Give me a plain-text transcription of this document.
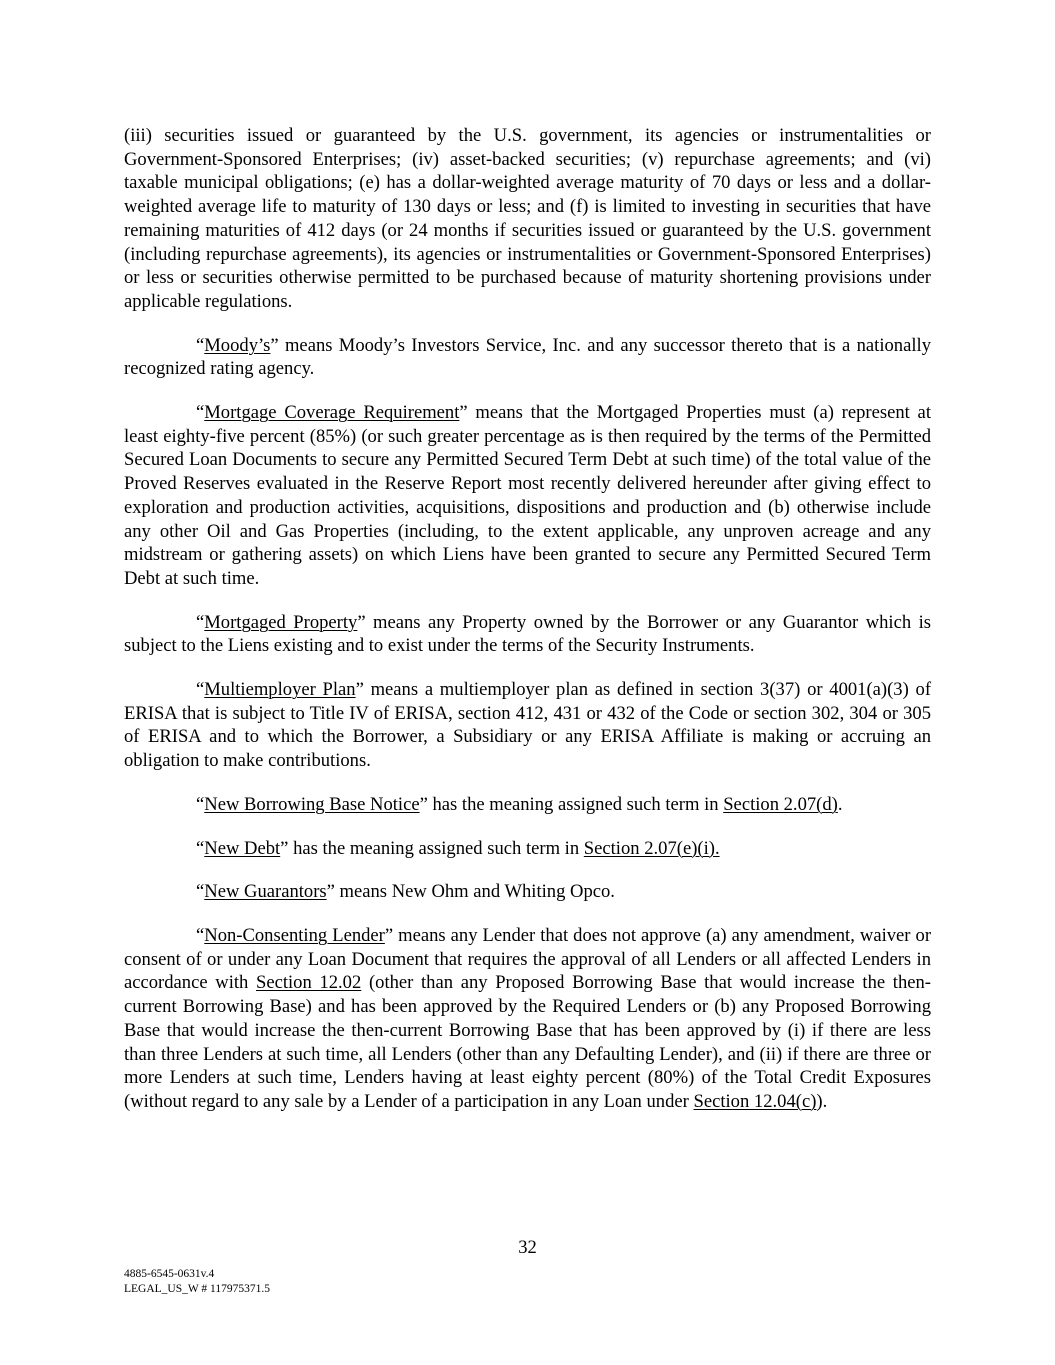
(iii) securities issued or guaranteed by the U.S. government, its agencies or instrumentalities or Government-Sponsored Enterprises; (iv) asset-backed securities; (v) repurchase agreements; and (vi) taxable municipal obligations; (e) has a dollar-weighted average maturity of 70 days or less and a dollar-weighted average life to maturity of 130 days or less; and (f) is limited to investing in securities that have remaining maturities of 412 days (or 24 months if securities issued or guaranteed by the U.S. government (including repurchase agreements), its agencies or instrumentalities or Government-Sponsored Enterprises) or less or securities otherwise permitted to be purchased because of maturity shortening provisions under applicable regulations.

“Moody’s” means Moody’s Investors Service, Inc. and any successor thereto that is a nationally recognized rating agency.

“Mortgage Coverage Requirement” means that the Mortgaged Properties must (a) represent at least eighty-five percent (85%) (or such greater percentage as is then required by the terms of the Permitted Secured Loan Documents to secure any Permitted Secured Term Debt at such time) of the total value of the Proved Reserves evaluated in the Reserve Report most recently delivered hereunder after giving effect to exploration and production activities, acquisitions, dispositions and production and (b) otherwise include any other Oil and Gas Properties (including, to the extent applicable, any unproven acreage and any midstream or gathering assets) on which Liens have been granted to secure any Permitted Secured Term Debt at such time.

“Mortgaged Property” means any Property owned by the Borrower or any Guarantor which is subject to the Liens existing and to exist under the terms of the Security Instruments.

“Multiemployer Plan” means a multiemployer plan as defined in section 3(37) or 4001(a)(3) of ERISA that is subject to Title IV of ERISA, section 412, 431 or 432 of the Code or section 302, 304 or 305 of ERISA and to which the Borrower, a Subsidiary or any ERISA Affiliate is making or accruing an obligation to make contributions.

“New Borrowing Base Notice” has the meaning assigned such term in Section 2.07(d).

“New Debt” has the meaning assigned such term in Section 2.07(e)(i).

“New Guarantors” means New Ohm and Whiting Opco.

“Non-Consenting Lender” means any Lender that does not approve (a) any amendment, waiver or consent of or under any Loan Document that requires the approval of all Lenders or all affected Lenders in accordance with Section 12.02 (other than any Proposed Borrowing Base that would increase the then-current Borrowing Base) and has been approved by the Required Lenders or (b) any Proposed Borrowing Base that would increase the then-current Borrowing Base that has been approved by (i) if there are less than three Lenders at such time, all Lenders (other than any Defaulting Lender), and (ii) if there are three or more Lenders at such time, Lenders having at least eighty percent (80%) of the Total Credit Exposures (without regard to any sale by a Lender of a participation in any Loan under Section 12.04(c)).

32
4885-6545-0631v.4
LEGAL_US_W # 117975371.5
